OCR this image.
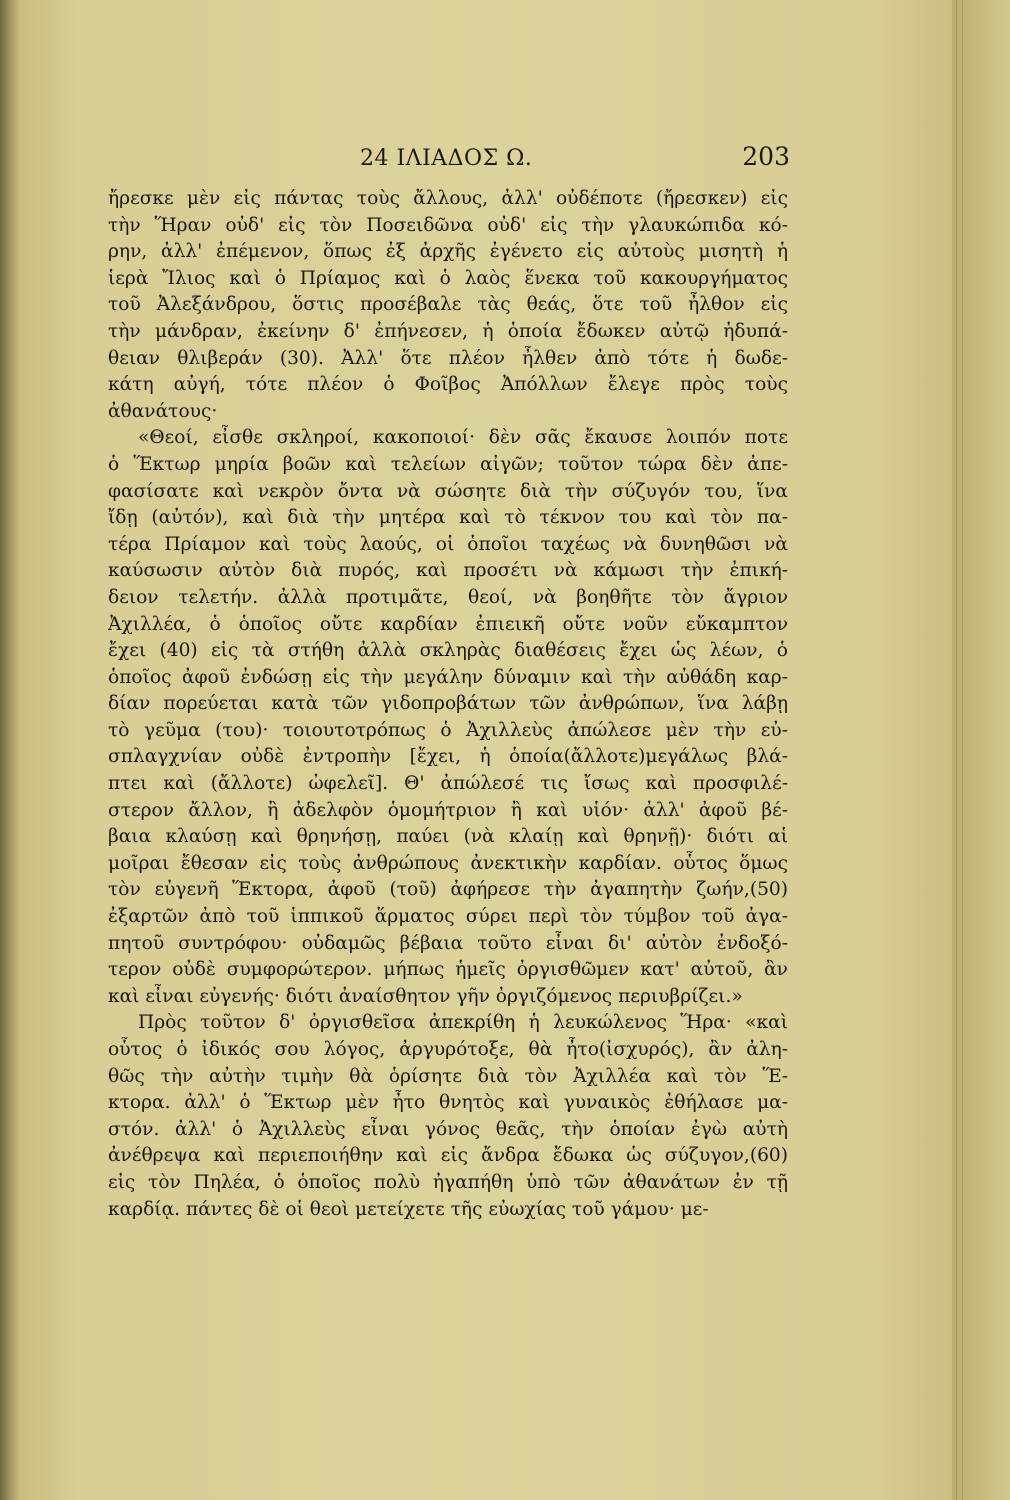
24 ΙΛΙΑΔΟΣ Ω.	203
ἤρεσκε μὲν εἰς πάντας τοὺς ἄλλους, ἀλλ' οὐδέποτε (ἤρεσκεν) εἰς
τὴν Ἥραν οὐδ' εἰς τὸν Ποσειδῶνα οὐδ' εἰς τὴν γλαυκώπιδα κό-
ρην, ἀλλ' ἐπέμενον, ὅπως ἐξ ἀρχῆς ἐγένετο εἰς αὐτοὺς μισητὴ ἡ
ἱερὰ Ἴλιος καὶ ὁ Πρίαμος καὶ ὁ λαὸς ἕνεκα τοῦ κακουργήματος
τοῦ Ἀλεξάνδρου, ὅστις προσέβαλε τὰς θεάς, ὅτε τοῦ ἦλθον εἰς
τὴν μάνδραν, ἐκείνην δ' ἐπήνεσεν, ἡ ὁποία ἔδωκεν αὐτῷ ἡδυπά-
θειαν θλιβεράν (30). Ἀλλ' ὅτε πλέον ἦλθεν ἀπὸ τότε ἡ δωδε-
κάτη αὐγή, τότε πλέον ὁ Φοῖβος Ἀπόλλων ἔλεγε πρὸς τοὺς
ἀθανάτους·
«Θεοί, εἶσθε σκληροί, κακοποιοί· δὲν σᾶς ἔκαυσε λοιπόν ποτε
ὁ Ἕκτωρ μηρία βοῶν καὶ τελείων αἰγῶν; τοῦτον τώρα δὲν ἀπε-
φασίσατε καὶ νεκρὸν ὄντα νὰ σώσητε διὰ τὴν σύζυγόν του, ἵνα
ἴδῃ (αὐτόν), καὶ διὰ τὴν μητέρα καὶ τὸ τέκνον του καὶ τὸν πα-
τέρα Πρίαμον καὶ τοὺς λαούς, οἱ ὁποῖοι ταχέως νὰ δυνηθῶσι νὰ
καύσωσιν αὐτὸν διὰ πυρός, καὶ προσέτι νὰ κάμωσι τὴν ἐπική-
δειον τελετήν. ἀλλὰ προτιμᾶτε, θεοί, νὰ βοηθῆτε τὸν ἄγριον
Ἀχιλλέα, ὁ ὁποῖος οὔτε καρδίαν ἐπιεικῆ οὔτε νοῦν εὔκαμπτον
ἔχει (40) εἰς τὰ στήθη ἀλλὰ σκληρὰς διαθέσεις ἔχει ὡς λέων, ὁ
ὁποῖος ἀφοῦ ἐνδώσῃ εἰς τὴν μεγάλην δύναμιν καὶ τὴν αὐθάδη καρ-
δίαν πορεύεται κατὰ τῶν γιδοπροβάτων τῶν ἀνθρώπων, ἵνα λάβῃ
τὸ γεῦμα (του)· τοιουτοτρόπως ὁ Ἀχιλλεὺς ἀπώλεσε μὲν τὴν εὐ-
σπλαγχνίαν οὐδὲ ἐντροπὴν [ἔχει, ἡ ὁποία(ἄλλοτε)μεγάλως βλά-
πτει καὶ (ἄλλοτε) ὠφελεῖ]. Θ' ἀπώλεσέ τις ἴσως καὶ προσφιλέ-
στερον ἄλλον, ἢ ἀδελφὸν ὁμομήτριον ἢ καὶ υἱόν· ἀλλ' ἀφοῦ βέ-
βαια κλαύσῃ καὶ θρηνήσῃ, παύει (νὰ κλαίῃ καὶ θρηνῇ)· διότι αἱ
μοῖραι ἔθεσαν εἰς τοὺς ἀνθρώπους ἀνεκτικὴν καρδίαν. οὗτος ὅμως
τὸν εὐγενῆ Ἕκτορα, ἀφοῦ (τοῦ) ἀφήρεσε τὴν ἀγαπητὴν ζωήν,(50)
ἐξαρτῶν ἀπὸ τοῦ ἱππικοῦ ἅρματος σύρει περὶ τὸν τύμβον τοῦ ἀγα-
πητοῦ συντρόφου· οὐδαμῶς βέβαια τοῦτο εἶναι δι' αὐτὸν ἐνδοξό-
τερον οὐδὲ συμφορώτερον. μήπως ἡμεῖς ὀργισθῶμεν κατ' αὐτοῦ, ἂν
καὶ εἶναι εὐγενής· διότι ἀναίσθητον γῆν ὀργιζόμενος περιυβρίζει.»
Πρὸς τοῦτον δ' ὀργισθεῖσα ἀπεκρίθη ἡ λευκώλενος Ἥρα· «καὶ
οὗτος ὁ ἰδικός σου λόγος, ἀργυρότοξε, θὰ ἦτο(ἰσχυρός), ἂν ἀλη-
θῶς τὴν αὐτὴν τιμὴν θὰ ὁρίσητε διὰ τὸν Ἀχιλλέα καὶ τὸν Ἕ-
κτορα. ἀλλ' ὁ Ἕκτωρ μὲν ἦτο θνητὸς καὶ γυναικὸς ἐθήλασε μα-
στόν. ἀλλ' ὁ Ἀχιλλεὺς εἶναι γόνος θεᾶς, τὴν ὁποίαν ἐγὼ αὐτὴ
ἀνέθρεψα καὶ περιεποιήθην καὶ εἰς ἄνδρα ἔδωκα ὡς σύζυγον,(60)
εἰς τὸν Πηλέα, ὁ ὁποῖος πολὺ ἠγαπήθη ὑπὸ τῶν ἀθανάτων ἐν τῇ
καρδίᾳ. πάντες δὲ οἱ θεοὶ μετείχετε τῆς εὐωχίας τοῦ γάμου· με-
